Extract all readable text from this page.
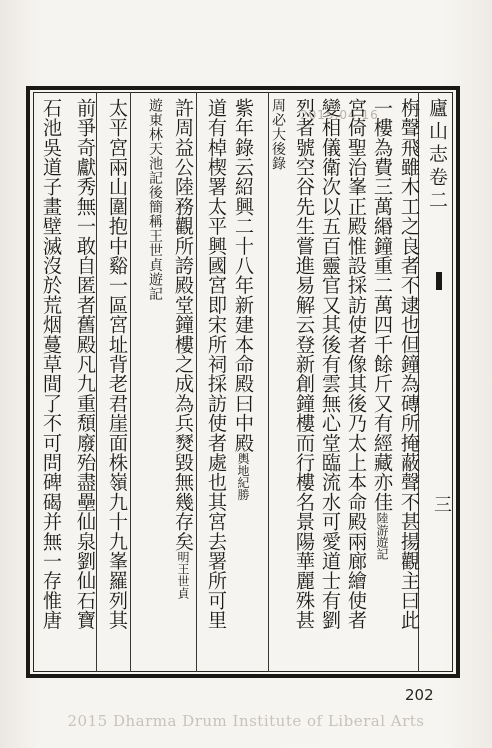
2015.04.16 廬山志卷二
三
栴聲飛雖木工之良者不逮也但鐘為磚所掩蔽聲不甚揚觀主曰此
一樓為費三萬緡鐘重二萬四千餘斤又有經藏亦佳陸游遊記
宮倚聖治峯正殿惟設採訪使者像其後乃太上本命殿兩廊繪使者
變相儀衛次以五百靈官又其後有雲無心堂臨流水可愛道士有劉
烈者號空谷先生嘗進易解云登新創鐘樓而行樓名景陽華麗殊甚
周必大後錄
紫年錄云紹興二十八年新建本命殿曰中殿輿地紀勝
道有棹楔署太平興國宮即宋所祠採訪使者處也其宮去署所可里
許周益公陸務觀所誇殿堂鐘樓之成為兵燹毀無幾存矣明王世貞
遊東林天池記後簡稱王世貞遊記
太平宮兩山圍抱中谿一區宮址背老君崖面株嶺九十九峯羅列其
前爭奇獻秀無一敢自匿者舊殿凡九重頹廢殆盡壘仙泉劉仙石寶
石池吳道子畫壁滅沒於荒烟蔓草間了不可問碑碣并無一存惟唐
202
2015 Dharma Drum Institute of Liberal Arts
